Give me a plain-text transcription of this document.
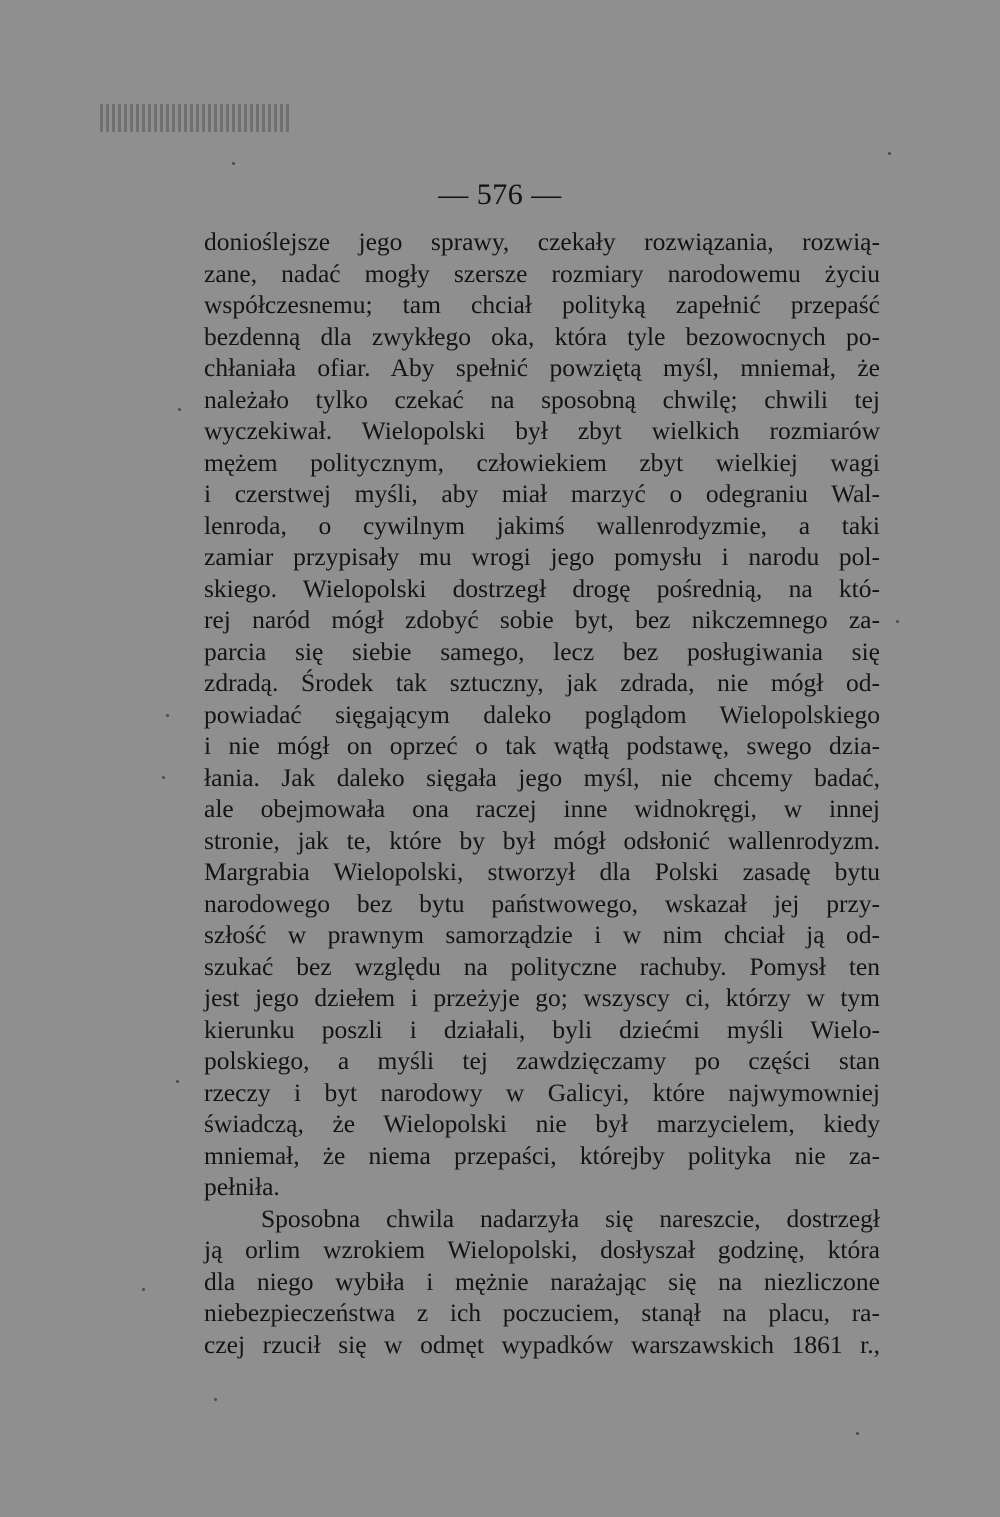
— 576 —
donioślejsze jego sprawy, czekały rozwiązania, rozwią-
zane, nadać mogły szersze rozmiary narodowemu życiu
współczesnemu; tam chciał polityką zapełnić przepaść
bezdenną dla zwykłego oka, która tyle bezowocnych po-
chłaniała ofiar. Aby spełnić powziętą myśl, mniemał, że
należało tylko czekać na sposobną chwilę; chwili tej
wyczekiwał. Wielopolski był zbyt wielkich rozmiarów
mężem politycznym, człowiekiem zbyt wielkiej wagi
i czerstwej myśli, aby miał marzyć o odegraniu Wal-
lenroda, o cywilnym jakimś wallenrodyzmie, a taki
zamiar przypisały mu wrogi jego pomysłu i narodu pol-
skiego. Wielopolski dostrzegł drogę pośrednią, na któ-
rej naród mógł zdobyć sobie byt, bez nikczemnego za-
parcia się siebie samego, lecz bez posługiwania się
zdradą. Środek tak sztuczny, jak zdrada, nie mógł od-
powiadać sięgającym daleko poglądom Wielopolskiego
i nie mógł on oprzeć o tak wątłą podstawę, swego dzia-
łania. Jak daleko sięgała jego myśl, nie chcemy badać,
ale obejmowała ona raczej inne widnokręgi, w innej
stronie, jak te, które by był mógł odsłonić wallenrodyzm.
Margrabia Wielopolski, stworzył dla Polski zasadę bytu
narodowego bez bytu państwowego, wskazał jej przy-
szłość w prawnym samorządzie i w nim chciał ją od-
szukać bez względu na polityczne rachuby. Pomysł ten
jest jego dziełem i przeżyje go; wszyscy ci, którzy w tym
kierunku poszli i działali, byli dziećmi myśli Wielo-
polskiego, a myśli tej zawdzięczamy po części stan
rzeczy i byt narodowy w Galicyi, które najwymowniej
świadczą, że Wielopolski nie był marzycielem, kiedy
mniemał, że niema przepaści, którejby polityka nie za-
pełniła.
Sposobna chwila nadarzyła się nareszcie, dostrzegł
ją orlim wzrokiem Wielopolski, dosłyszał godzinę, która
dla niego wybiła i mężnie narażając się na niezliczone
niebezpieczeństwa z ich poczuciem, stanął na placu, ra-
czej rzucił się w odmęt wypadków warszawskich 1861 r.,
